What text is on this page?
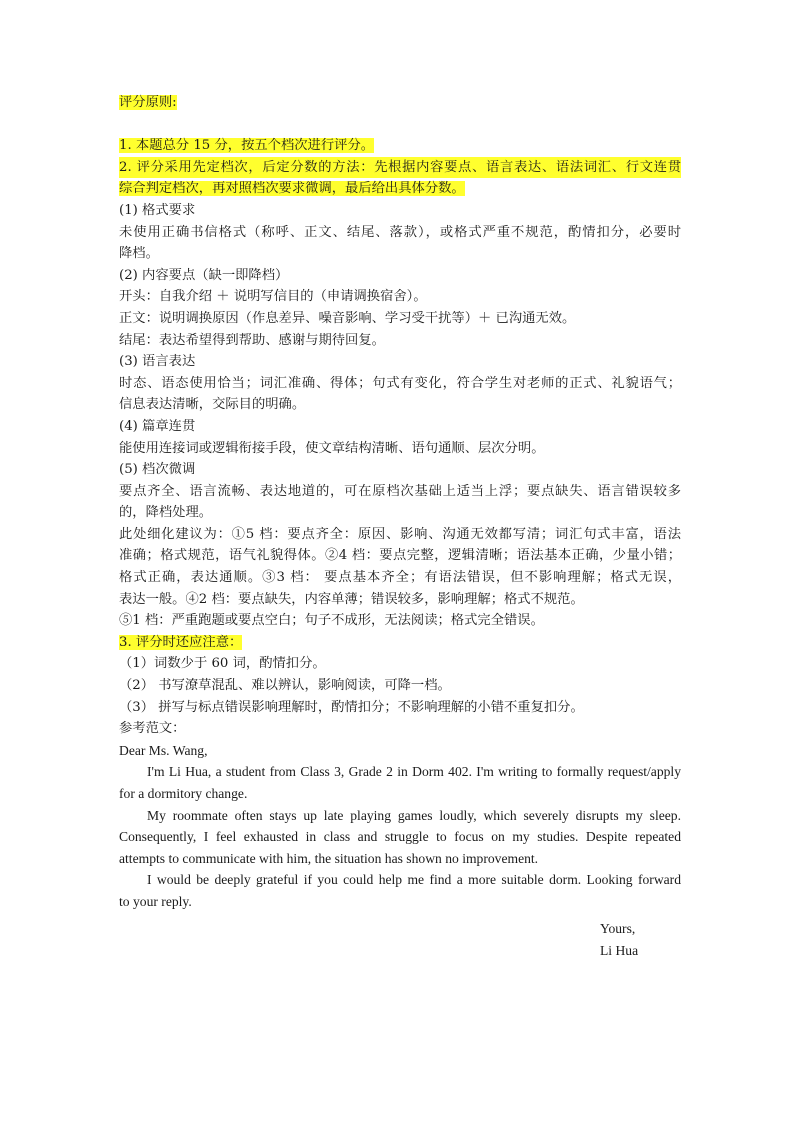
评分原则:
1. 本题总分 15 分，按五个档次进行评分。
2. 评分采用先定档次，后定分数的方法：先根据内容要点、语言表达、语法词汇、行文连贯
综合判定档次，再对照档次要求微调，最后给出具体分数。
(1) 格式要求
未使用正确书信格式（称呼、正文、结尾、落款），或格式严重不规范，酌情扣分，必要时
降档。
(2) 内容要点（缺一即降档）
开头：自我介绍 ＋ 说明写信目的（申请调换宿舍）。
正文：说明调换原因（作息差异、噪音影响、学习受干扰等）＋ 已沟通无效。
结尾：表达希望得到帮助、感谢与期待回复。
(3) 语言表达
时态、语态使用恰当；词汇准确、得体；句式有变化，符合学生对老师的正式、礼貌语气；
信息表达清晰，交际目的明确。
(4) 篇章连贯
能使用连接词或逻辑衔接手段，使文章结构清晰、语句通顺、层次分明。
(5) 档次微调
要点齐全、语言流畅、表达地道的，可在原档次基础上适当上浮；要点缺失、语言错误较多
的，降档处理。
此处细化建议为：①5 档：要点齐全：原因、影响、沟通无效都写清；词汇句式丰富，语法
准确；格式规范，语气礼貌得体。②4 档：要点完整，逻辑清晰；语法基本正确，少量小错；
格式正确，表达通顺。③3 档： 要点基本齐全；有语法错误，但不影响理解；格式无误，
表达一般。④2 档：要点缺失，内容单薄；错误较多，影响理解；格式不规范。
⑤1 档：严重跑题或要点空白；句子不成形，无法阅读；格式完全错误。
3. 评分时还应注意：
（1）词数少于 60 词，酌情扣分。
（2） 书写潦草混乱、难以辨认，影响阅读，可降一档。
（3） 拼写与标点错误影响理解时，酌情扣分；不影响理解的小错不重复扣分。
参考范文：
Dear Ms. Wang,
I'm Li Hua, a student from Class 3, Grade 2 in Dorm 402. I'm writing to formally request/apply
for a dormitory change.
My roommate often stays up late playing games loudly, which severely disrupts my sleep.
Consequently, I feel exhausted in class and struggle to focus on my studies. Despite repeated
attempts to communicate with him, the situation has shown no improvement.
I would be deeply grateful if you could help me find a more suitable dorm. Looking forward
to your reply.
Yours,
Li Hua
